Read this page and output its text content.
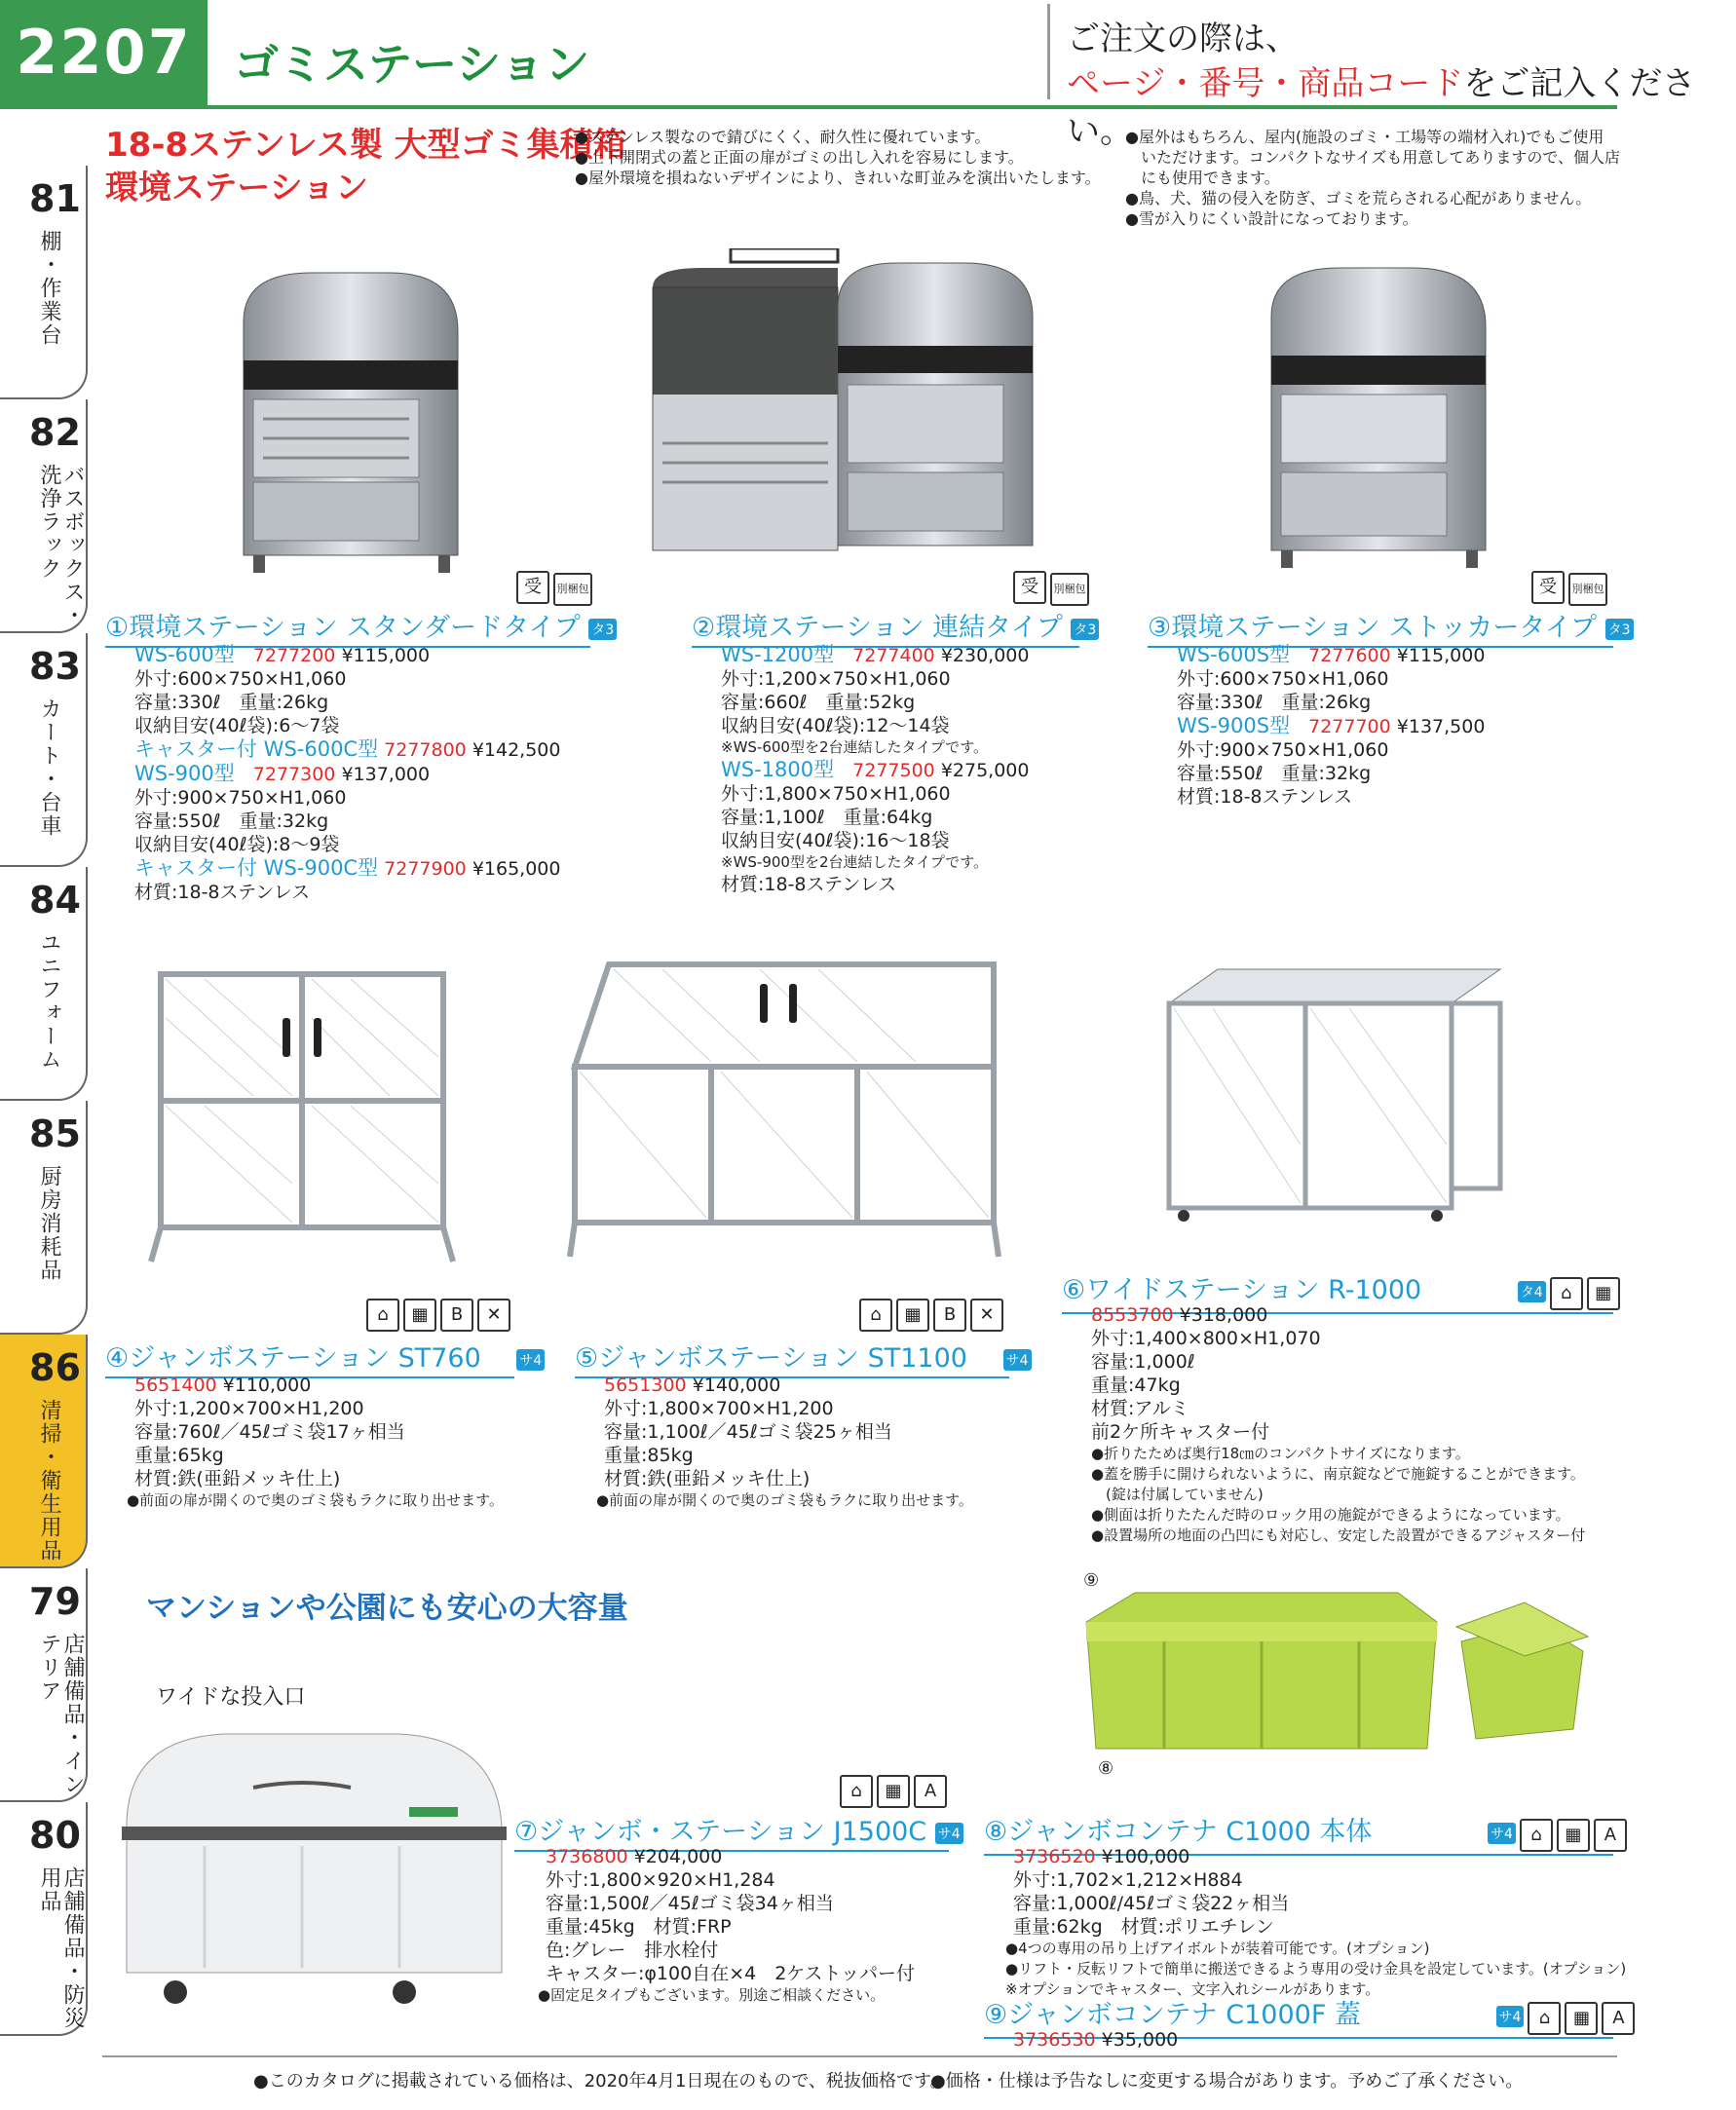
2207 ゴミステーション	ご注文の際は、
ページ・番号・商品コードをご記入ください。
81
棚・作業台
82
バスボックス・洗浄ラック
83
カート・台車
84
ユニフォーム
85
厨房消耗品
86
清掃・衛生用品
79
店舗備品・インテリア
80
店舗備品・防災用品
18-8ステンレス製 大型ゴミ集積箱
環境ステーション
●ステンレス製なので錆びにくく、耐久性に優れています。
●上下開閉式の蓋と正面の扉がゴミの出し入れを容易にします。
●屋外環境を損ねないデザインにより、きれいな町並みを演出いたします。
●屋外はもちろん、屋内(施設のゴミ・工場等の端材入れ)でもご使用
　いただけます。コンパクトなサイズも用意してありますので、個人店
　にも使用できます。
●鳥、犬、猫の侵入を防ぎ、ゴミを荒らされる心配がありません。
●雪が入りにくい設計になっております。
受 別梱包	受 別梱包	受 別梱包
①環境ステーション スタンダードタイプ タ3
WS-600型　 7277200 ¥115,000
外寸:600×750×H1,060
容量:330ℓ　重量:26kg
収納目安(40ℓ袋):6～7袋
キャスター付 WS-600C型 7277800 ¥142,500
WS-900型　 7277300 ¥137,000
外寸:900×750×H1,060
容量:550ℓ　重量:32kg
収納目安(40ℓ袋):8～9袋
キャスター付 WS-900C型 7277900 ¥165,000
材質:18-8ステンレス
②環境ステーション 連結タイプ タ3
WS-1200型　 7277400 ¥230,000
外寸:1,200×750×H1,060
容量:660ℓ　重量:52kg
収納目安(40ℓ袋):12～14袋
※WS-600型を2台連結したタイプです。
WS-1800型　 7277500 ¥275,000
外寸:1,800×750×H1,060
容量:1,100ℓ　重量:64kg
収納目安(40ℓ袋):16～18袋
※WS-900型を2台連結したタイプです。
材質:18-8ステンレス
③環境ステーション ストッカータイプ タ3
WS-600S型　 7277600 ¥115,000
外寸:600×750×H1,060
容量:330ℓ　重量:26kg
WS-900S型　 7277700 ¥137,500
外寸:900×750×H1,060
容量:550ℓ　重量:32kg
材質:18-8ステンレス
⌂ ▦ B ✕	⌂ ▦ B ✕
④ジャンボステーション ST760	サ4
5651400 ¥110,000
外寸:1,200×700×H1,200
容量:760ℓ／45ℓゴミ袋17ヶ相当
重量:65kg
材質:鉄(亜鉛メッキ仕上)
●前面の扉が開くので奥のゴミ袋もラクに取り出せます。
⑤ジャンボステーション ST1100	サ4
5651300 ¥140,000
外寸:1,800×700×H1,200
容量:1,100ℓ／45ℓゴミ袋25ヶ相当
重量:85kg
材質:鉄(亜鉛メッキ仕上)
●前面の扉が開くので奥のゴミ袋もラクに取り出せます。
⑥ワイドステーション R-1000	タ4 ⌂ ▦
8553700 ¥318,000
外寸:1,400×800×H1,070
容量:1,000ℓ
重量:47kg
材質:アルミ
前2ケ所キャスター付
●折りたためば奥行18㎝のコンパクトサイズになります。
●蓋を勝手に開けられないように、南京錠などで施錠することができます。
　(錠は付属していません)
●側面は折りたたんだ時のロック用の施錠ができるようになっています。
●設置場所の地面の凸凹にも対応し、安定した設置ができるアジャスター付
マンションや公園にも安心の大容量
ワイドな投入口
⑨
⑧
⌂ ▦ A
⑦ジャンボ・ステーション J1500C サ4
3736800 ¥204,000
外寸:1,800×920×H1,284
容量:1,500ℓ／45ℓゴミ袋34ヶ相当
重量:45kg　材質:FRP
色:グレー　排水栓付
キャスター:φ100自在×4　2ケストッパー付
●固定足タイプもございます。別途ご相談ください。
⑧ジャンボコンテナ C1000 本体	サ4 ⌂ ▦ A
3736520 ¥100,000
外寸:1,702×1,212×H884
容量:1,000ℓ/45ℓゴミ袋22ヶ相当
重量:62kg　材質:ポリエチレン
●4つの専用の吊り上げアイボルトが装着可能です。(オプション)
●リフト・反転リフトで簡単に搬送できるよう専用の受け金具を設定しています。(オプション)
※オプションでキャスター、文字入れシールがあります。
⑨ジャンボコンテナ C1000F 蓋	サ4 ⌂ ▦ A
3736530 ¥35,000
●このカタログに掲載されている価格は、2020年4月1日現在のもので、税抜価格です。
●価格・仕様は予告なしに変更する場合があります。予めご了承ください。
